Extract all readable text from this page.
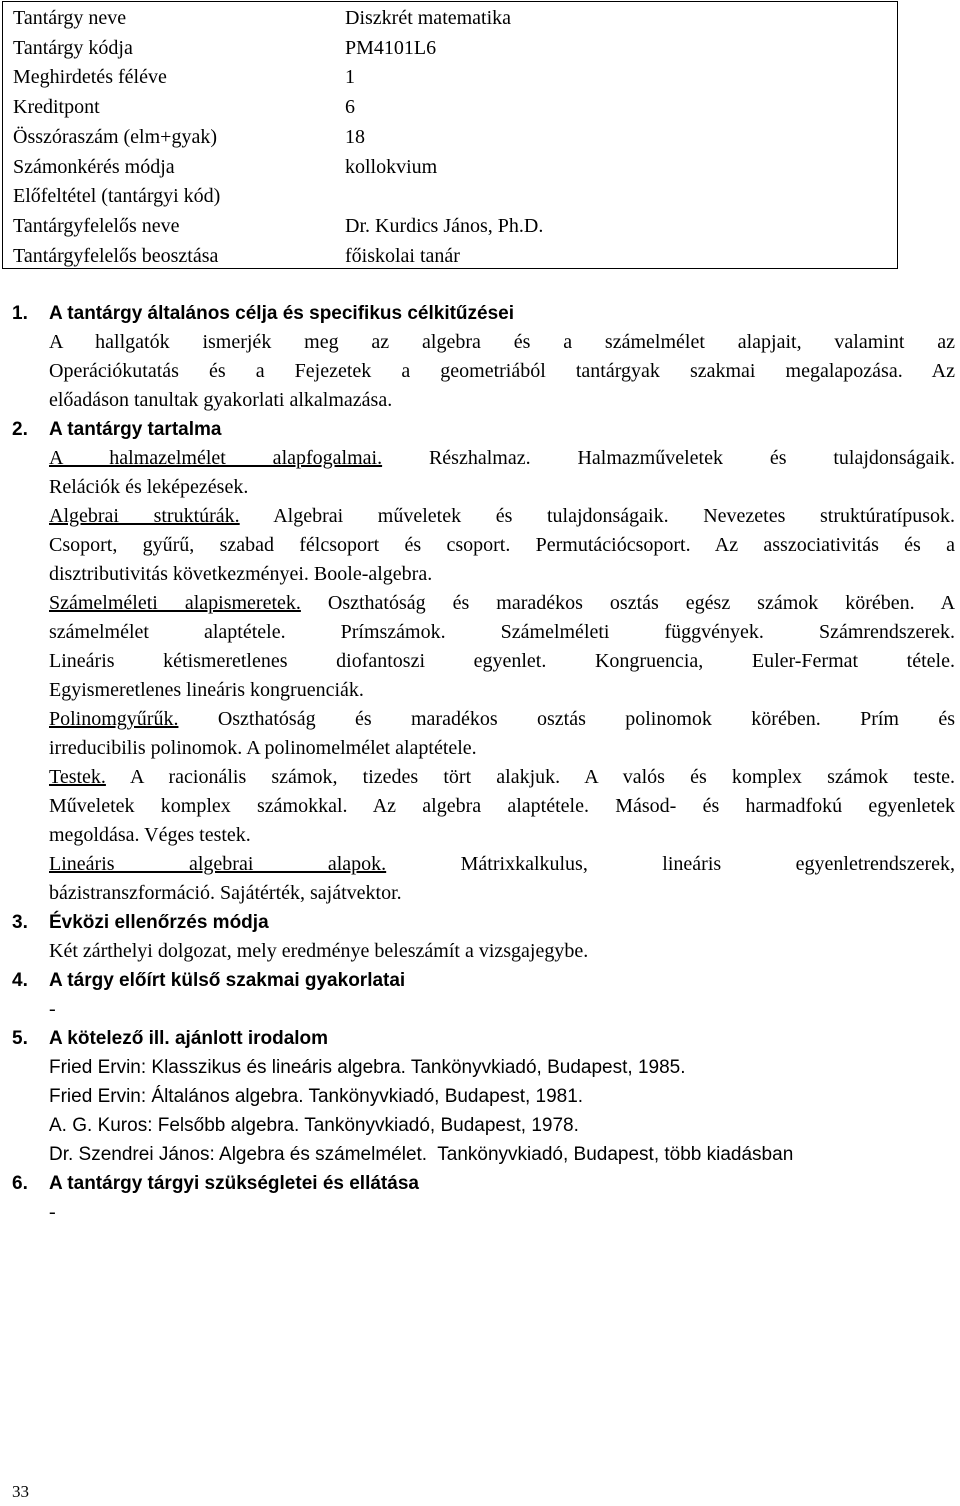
Tantárgy neve	Diszkrét matematika
Tantárgy kódja	PM4101L6
Meghirdetés féléve	1
Kreditpont	6
Összóraszám (elm+gyak)	18
Számonkérés módja	kollokvium
Előfeltétel (tantárgyi kód)
Tantárgyfelelős neve	Dr. Kurdics János, Ph.D.
Tantárgyfelelős beosztása	főiskolai tanár
1. A tantárgy általános célja és specifikus célkitűzései
A hallgatók ismerjék meg az algebra és a számelmélet alapjait, valamint az
Operációkutatás és a Fejezetek a geometriából tantárgyak szakmai megalapozása. Az
előadáson tanultak gyakorlati alkalmazása.
2. A tantárgy tartalma
A halmazelmélet alapfogalmai. Részhalmaz. Halmazműveletek és tulajdonságaik.
Relációk és leképezések.
Algebrai struktúrák. Algebrai műveletek és tulajdonságaik. Nevezetes struktúratípusok.
Csoport, gyűrű, szabad félcsoport és csoport. Permutációcsoport. Az asszociativitás és a
disztributivitás következményei. Boole-algebra.
Számelméleti alapismeretek. Oszthatóság és maradékos osztás egész számok körében. A
számelmélet alaptétele. Prímszámok. Számelméleti függvények. Számrendszerek.
Lineáris kétismeretlenes diofantoszi egyenlet. Kongruencia, Euler-Fermat tétele.
Egyismeretlenes lineáris kongruenciák.
Polinomgyűrűk. Oszthatóság és maradékos osztás polinomok körében. Prím és
irreducibilis polinomok. A polinomelmélet alaptétele.
Testek. A racionális számok, tizedes tört alakjuk. A valós és komplex számok teste.
Műveletek komplex számokkal. Az algebra alaptétele. Másod- és harmadfokú egyenletek
megoldása. Véges testek.
Lineáris algebrai alapok. Mátrixkalkulus, lineáris egyenletrendszerek,
bázistranszformáció. Sajátérték, sajátvektor.
3. Évközi ellenőrzés módja
Két zárthelyi dolgozat, mely eredménye beleszámít a vizsgajegybe.
4. A tárgy előírt külső szakmai gyakorlatai
-
5. A kötelező ill. ajánlott irodalom
Fried Ervin: Klasszikus és lineáris algebra. Tankönyvkiadó, Budapest, 1985.
Fried Ervin: Általános algebra. Tankönyvkiadó, Budapest, 1981.
A. G. Kuros: Felsőbb algebra. Tankönyvkiadó, Budapest, 1978.
Dr. Szendrei János: Algebra és számelmélet.  Tankönyvkiadó, Budapest, több kiadásban
6. A tantárgy tárgyi szükségletei és ellátása
-
33
